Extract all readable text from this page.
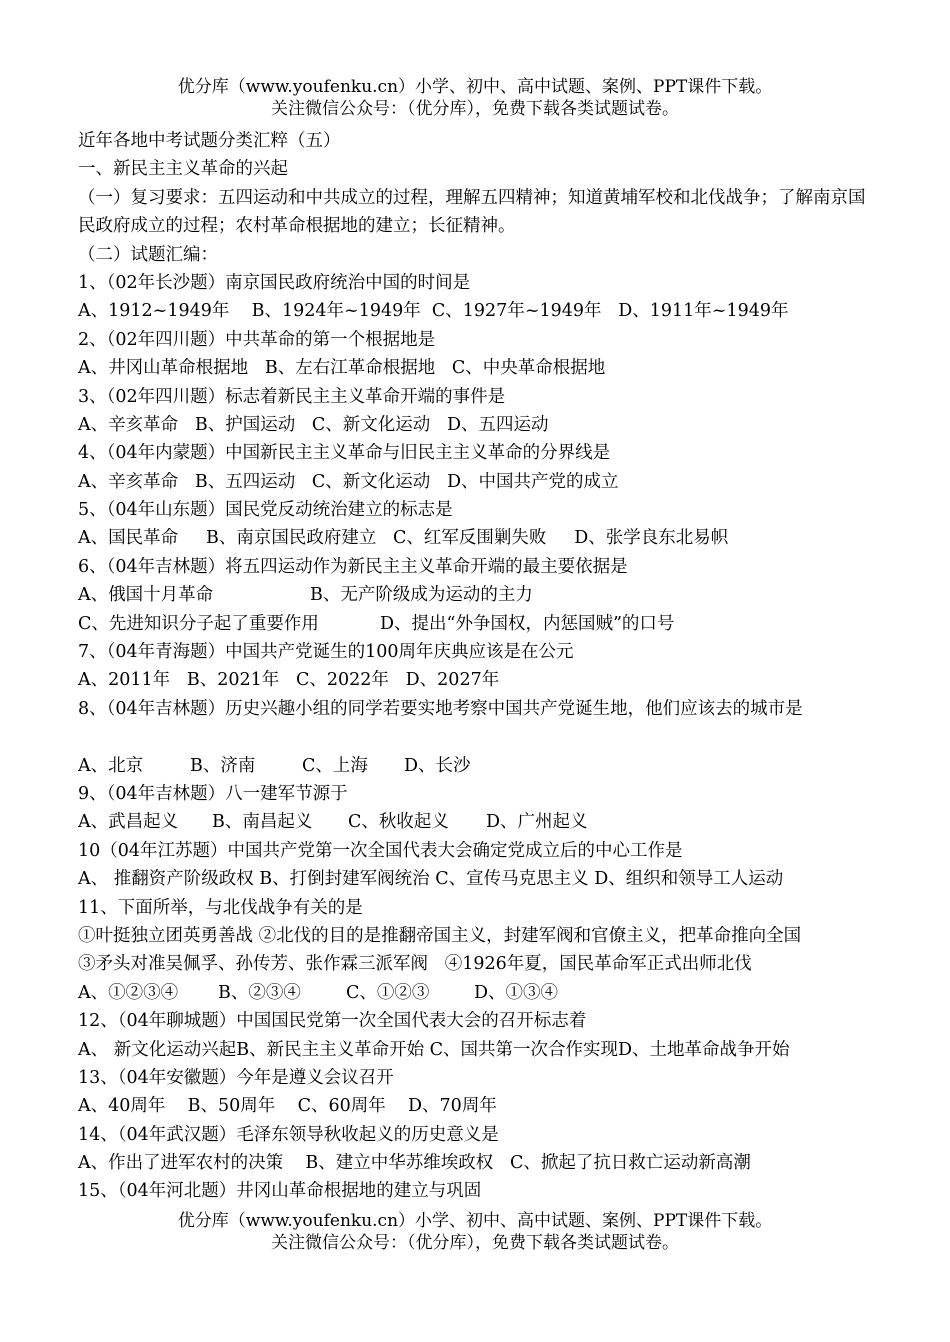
优分库（www.youfenku.cn）小学、初中、高中试题、案例、PPT课件下载。
关注微信公众号：（优分库），免费下载各类试题试卷。
近年各地中考试题分类汇粹（五）
一、新民主主义革命的兴起
（一）复习要求：五四运动和中共成立的过程，理解五四精神；知道黄埔军校和北伐战争；了解南京国民政府成立的过程；农村革命根据地的建立；长征精神。
（二）试题汇编：
1、（02年长沙题）南京国民政府统治中国的时间是
A、1912~1949年 B、1924年~1949年 C、1927年~1949年 D、1911年~1949年
2、（02年四川题）中共革命的第一个根据地是
A、井冈山革命根据地 B、左右江革命根据地 C、中央革命根据地
3、（02年四川题）标志着新民主主义革命开端的事件是
A、辛亥革命 B、护国运动 C、新文化运动 D、五四运动
4、（04年内蒙题）中国新民主主义革命与旧民主主义革命的分界线是
A、辛亥革命 B、五四运动 C、新文化运动 D、中国共产党的成立
5、（04年山东题）国民党反动统治建立的标志是
A、国民革命 B、南京国民政府建立 C、红军反围剿失败 D、张学良东北易帜
6、（04年吉林题）将五四运动作为新民主主义革命开端的最主要依据是
A、俄国十月革命	B、无产阶级成为运动的主力
C、先进知识分子起了重要作用	D、提出“外争国权，内惩国贼”的口号
7、（04年青海题）中国共产党诞生的100周年庆典应该是在公元
A、2011年 B、2021年 C、2022年 D、2027年
8、（04年吉林题）历史兴趣小组的同学若要实地考察中国共产党诞生地，他们应该去的城市是
A、北京	B、济南	C、上海 D、长沙
9、（04年吉林题）八一建军节源于
A、武昌起义 B、南昌起义 C、秋收起义 D、广州起义
10（04年江苏题）中国共产党第一次全国代表大会确定党成立后的中心工作是
A、 推翻资产阶级政权 B、打倒封建军阀统治 C、宣传马克思主义 D、组织和领导工人运动
11、下面所举，与北伐战争有关的是
①叶挺独立团英勇善战 ②北伐的目的是推翻帝国主义，封建军阀和官僚主义，把革命推向全国
③矛头对准吴佩孚、孙传芳、张作霖三派军阀 ④1926年夏，国民革命军正式出师北伐
A、①②③④ B、②③④	C、①②③	D、①③④
12、（04年聊城题）中国国民党第一次全国代表大会的召开标志着
A、 新文化运动兴起B、新民主主义革命开始 C、国共第一次合作实现D、土地革命战争开始
13、（04年安徽题）今年是遵义会议召开
A、40周年 B、50周年 C、60周年 D、70周年
14、（04年武汉题）毛泽东领导秋收起义的历史意义是
A、作出了进军农村的决策 B、建立中华苏维埃政权 C、掀起了抗日救亡运动新高潮
15、（04年河北题）井冈山革命根据地的建立与巩固
优分库（www.youfenku.cn）小学、初中、高中试题、案例、PPT课件下载。
关注微信公众号：（优分库），免费下载各类试题试卷。
